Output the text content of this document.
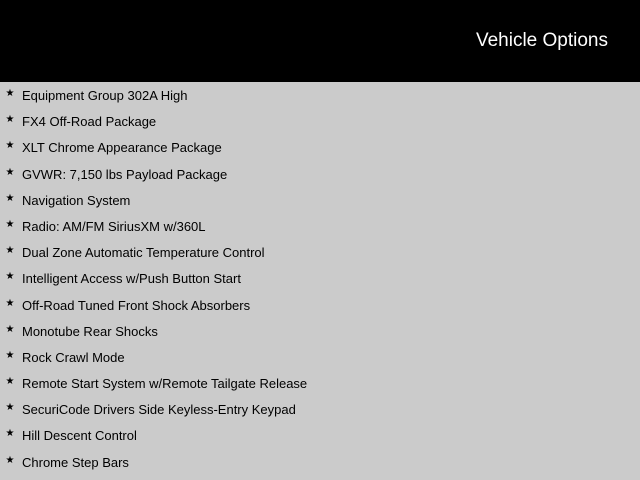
Vehicle Options
★ Equipment Group 302A High
★ FX4 Off-Road Package
★ XLT Chrome Appearance Package
★ GVWR: 7,150 lbs Payload Package
★ Navigation System
★ Radio: AM/FM SiriusXM w/360L
★ Dual Zone Automatic Temperature Control
★ Intelligent Access w/Push Button Start
★ Off-Road Tuned Front Shock Absorbers
★ Monotube Rear Shocks
★ Rock Crawl Mode
★ Remote Start System w/Remote Tailgate Release
★ SecuriCode Drivers Side Keyless-Entry Keypad
★ Hill Descent Control
★ Chrome Step Bars
